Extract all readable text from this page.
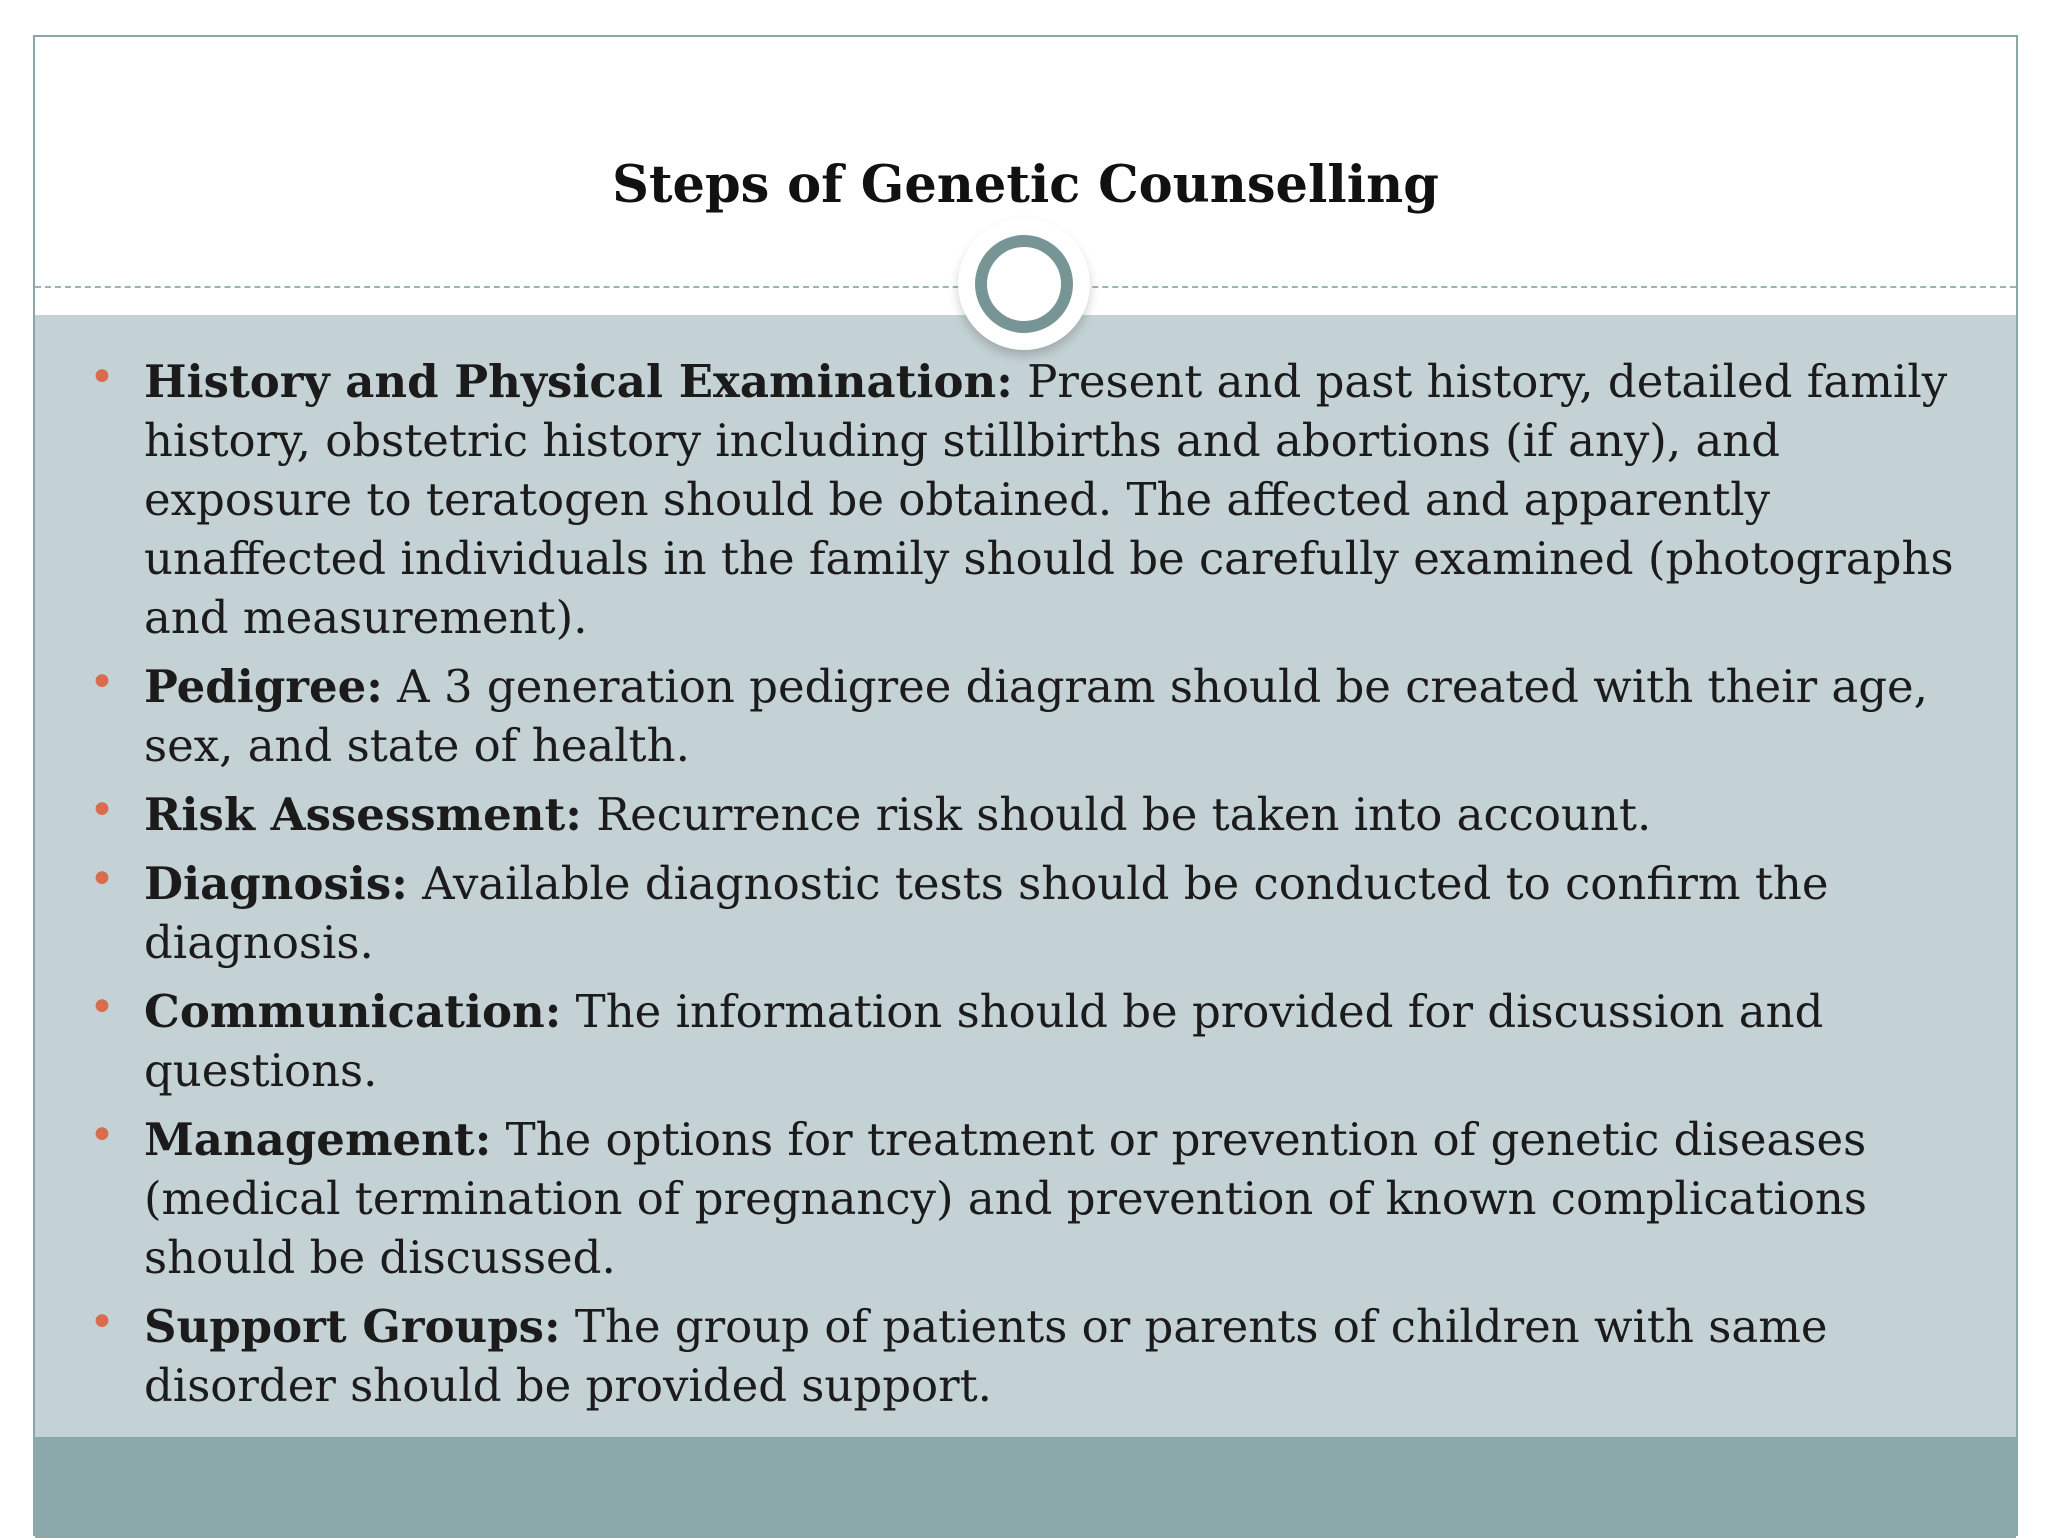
Steps of Genetic Counselling
• History and Physical Examination: Present and past history, detailed family history, obstetric history including stillbirths and abortions (if any), and exposure to teratogen should be obtained. The affected and apparently unaffected individuals in the family should be carefully examined (photographs and measurement).
• Pedigree: A 3 generation pedigree diagram should be created with their age, sex, and state of health.
• Risk Assessment: Recurrence risk should be taken into account.
• Diagnosis: Available diagnostic tests should be conducted to confirm the diagnosis.
• Communication: The information should be provided for discussion and questions.
• Management: The options for treatment or prevention of genetic diseases (medical termination of pregnancy) and prevention of known complications should be discussed.
• Support Groups: The group of patients or parents of children with same disorder should be provided support.
